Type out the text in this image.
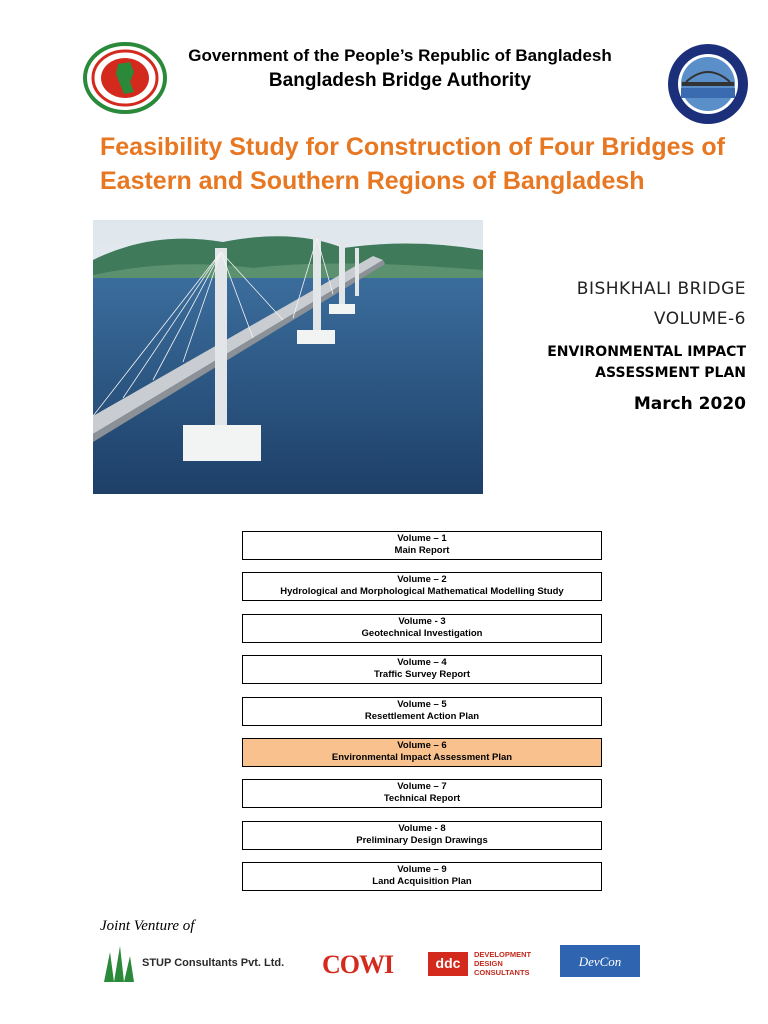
Government of the People’s Republic of Bangladesh
Bangladesh Bridge Authority
Feasibility Study for Construction of Four Bridges of
Eastern and Southern Regions of Bangladesh
BISHKHALI BRIDGE
VOLUME-6
ENVIRONMENTAL IMPACT
ASSESSMENT PLAN
March 2020
Volume – 1
Main Report
Volume – 2
Hydrological and Morphological Mathematical Modelling Study
Volume - 3
Geotechnical Investigation
Volume – 4
Traffic Survey Report
Volume – 5
Resettlement Action Plan
Volume – 6
Environmental Impact Assessment Plan
Volume – 7
Technical Report
Volume - 8
Preliminary Design Drawings
Volume – 9
Land Acquisition Plan
Joint Venture of
STUP Consultants Pvt. Ltd. COWI	ddc
DEVELOPMENT
DESIGN
CONSULTANTS
DevCon
